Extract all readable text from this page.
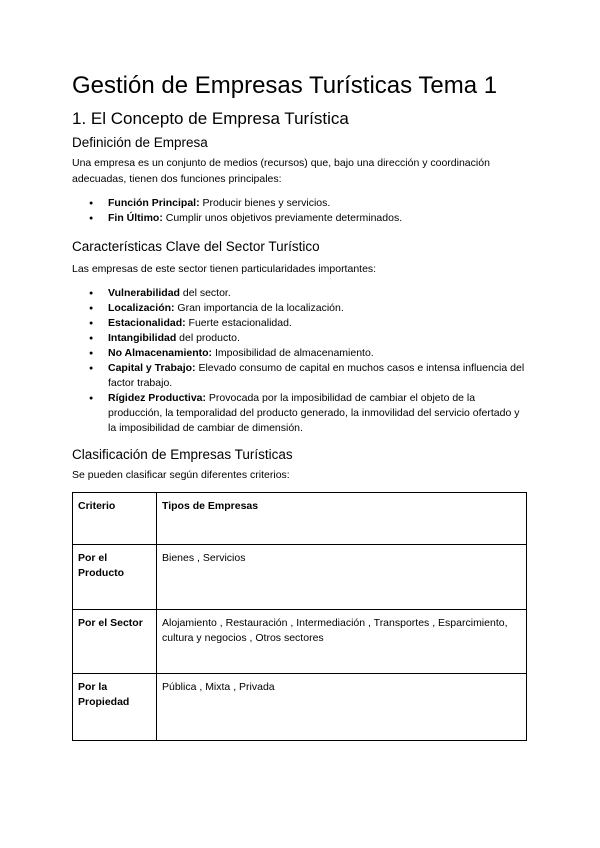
Gestión de Empresas Turísticas Tema 1
1. El Concepto de Empresa Turística
Definición de Empresa

Una empresa es un conjunto de medios (recursos) que, bajo una dirección y coordinación adecuadas, tienen dos funciones principales:

● Función Principal: Producir bienes y servicios.
● Fin Último: Cumplir unos objetivos previamente determinados.
Características Clave del Sector Turístico

Las empresas de este sector tienen particularidades importantes:

● Vulnerabilidad del sector.
● Localización: Gran importancia de la localización.
● Estacionalidad: Fuerte estacionalidad.
● Intangibilidad del producto.
● No Almacenamiento: Imposibilidad de almacenamiento.
● Capital y Trabajo: Elevado consumo de capital en muchos casos e intensa influencia del factor trabajo.
● Rígidez Productiva: Provocada por la imposibilidad de cambiar el objeto de la producción, la temporalidad del producto generado, la inmovilidad del servicio ofertado y la imposibilidad de cambiar de dimensión.
Clasificación de Empresas Turísticas

Se pueden clasificar según diferentes criterios:

Criterio	Tipos de Empresas
Por el Producto	Bienes , Servicios
Por el Sector	Alojamiento , Restauración , Intermediación , Transportes , Esparcimiento, cultura y negocios , Otros sectores
Por la Propiedad	Pública , Mixta , Privada
